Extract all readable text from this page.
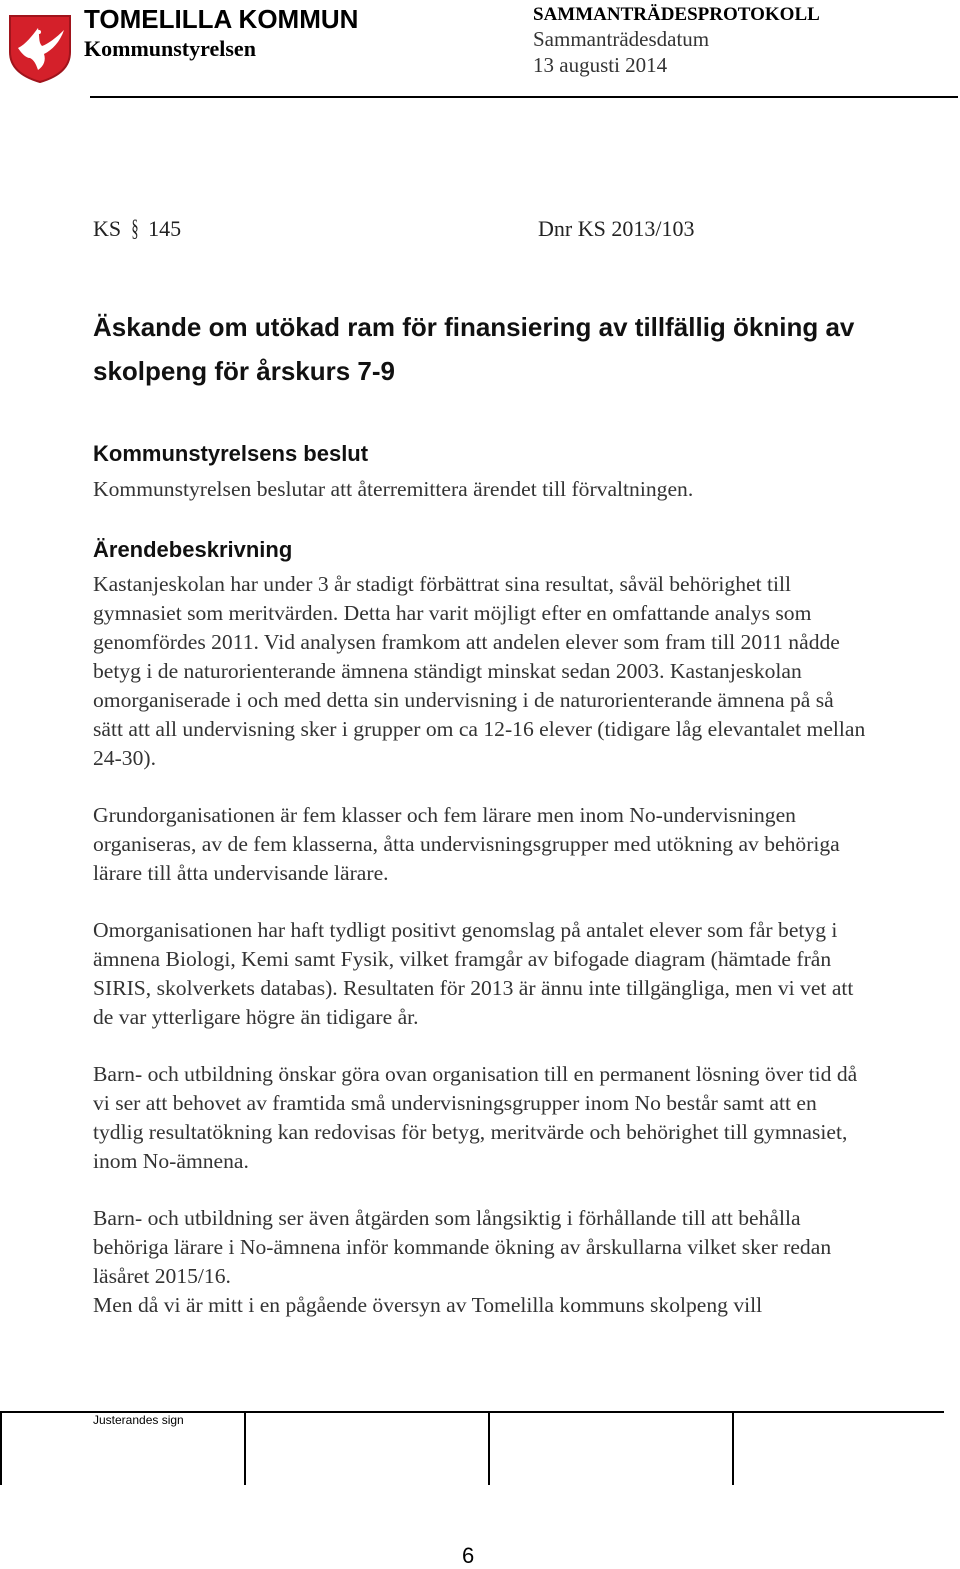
TOMELILLA KOMMUN
Kommunstyrelsen
SAMMANTRÄDESPROTOKOLL
Sammanträdesdatum
13 augusti 2014
KS § 145	Dnr KS 2013/103
Äskande om utökad ram för finansiering av tillfällig ökning av skolpeng för årskurs 7-9
Kommunstyrelsens beslut

Kommunstyrelsen beslutar att återremittera ärendet till förvaltningen.

Ärendebeskrivning

Kastanjeskolan har under 3 år stadigt förbättrat sina resultat, såväl behörighet till gymnasiet som meritvärden. Detta har varit möjligt efter en omfattande analys som genomfördes 2011. Vid analysen framkom att andelen elever som fram till 2011 nådde betyg i de naturorienterande ämnena ständigt minskat sedan 2003. Kastanjeskolan omorganiserade i och med detta sin undervisning i de naturorienterande ämnena på så sätt att all undervisning sker i grupper om ca 12-16 elever (tidigare låg elevantalet mellan 24-30).

Grundorganisationen är fem klasser och fem lärare men inom No-undervisningen organiseras, av de fem klasserna, åtta undervisningsgrupper med utökning av behöriga lärare till åtta undervisande lärare.

Omorganisationen har haft tydligt positivt genomslag på antalet elever som får betyg i ämnena Biologi, Kemi samt Fysik, vilket framgår av bifogade diagram (hämtade från SIRIS, skolverkets databas). Resultaten för 2013 är ännu inte tillgängliga, men vi vet att de var ytterligare högre än tidigare år.

Barn- och utbildning önskar göra ovan organisation till en permanent lösning över tid då vi ser att behovet av framtida små undervisningsgrupper inom No består samt att en tydlig resultatökning kan redovisas för betyg, meritvärde och behörighet till gymnasiet, inom No-ämnena.

Barn- och utbildning ser även åtgärden som långsiktig i förhållande till att behålla behöriga lärare i No-ämnena inför kommande ökning av årskullarna vilket sker redan läsåret 2015/16.
Men då vi är mitt i en pågående översyn av Tomelilla kommuns skolpeng vill

Justerandes sign
6
